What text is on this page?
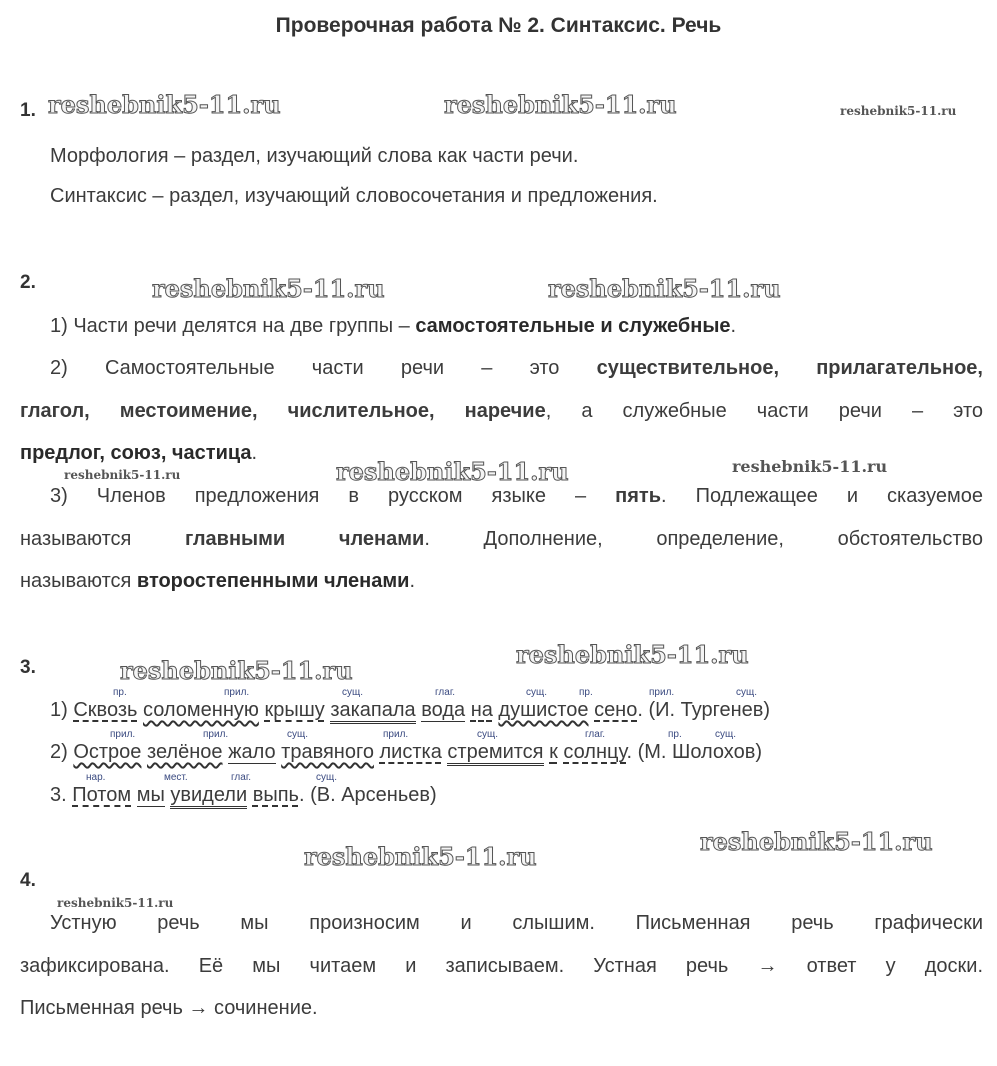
Проверочная работа № 2. Синтаксис. Речь
1. reshebnik5-11.ru	reshebnik5-11.ru	reshebnik5-11.ru
Морфология – раздел, изучающий слова как части речи.
Синтаксис – раздел, изучающий словосочетания и предложения.
2.	reshebnik5-11.ru	reshebnik5-11.ru
1) Части речи делятся на две группы – самостоятельные и служебные.
2) Самостоятельные части речи – это существительное, прилагательное,
глагол, местоимение, числительное, наречие, а служебные части речи – это
предлог, союз, частица.
reshebnik5-11.ru	reshebnik5-11.ru	reshebnik5-11.ru
3) Членов предложения в русском языке – пять. Подлежащее и сказуемое
называются главными членами. Дополнение, определение, обстоятельство
называются второстепенными членами.
3.	reshebnik5-11.ru
reshebnik5-11.ru
пр.	прил.	сущ.	глаг.	сущ.	пр.	прил.	сущ.
1) Сквозь соломенную крышу закапала вода на душистое сено. (И. Тургенев)
прил.	прил.	сущ.	прил.	сущ.	глаг.	пр.	сущ.
2) Острое зелёное жало травяного листка стремится к солнцу. (М. Шолохов)
нар.	мест.	глаг.	сущ.
3. Потом мы увидели выпь. (В. Арсеньев)
reshebnik5-11.ru
reshebnik5-11.ru
4.
reshebnik5-11.ru
Устную речь мы произносим и слышим. Письменная речь графически
зафиксирована. Её мы читаем и записываем. Устная речь → ответ у доски.
Письменная речь → сочинение.
